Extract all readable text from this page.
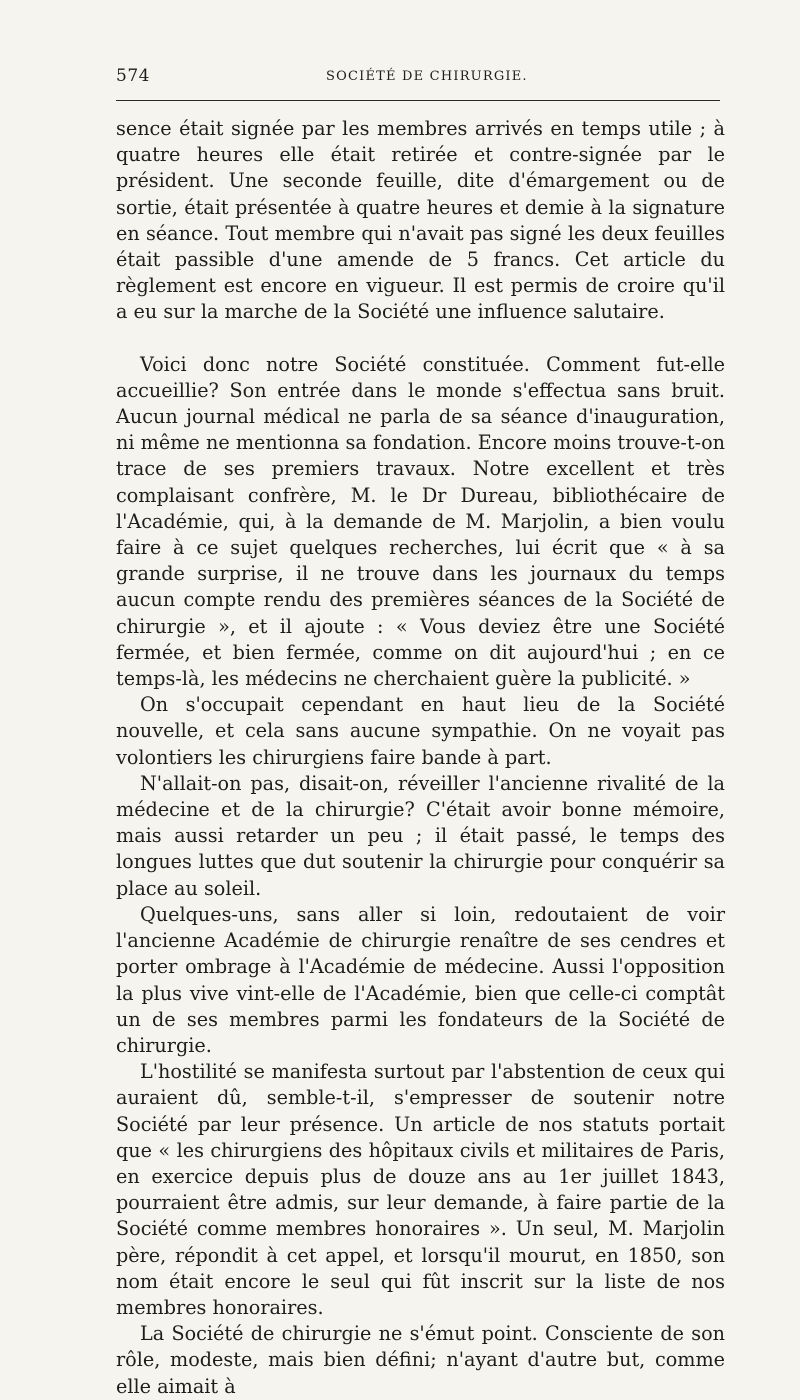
574	SOCIÉTÉ DE CHIRURGIE.

sence était signée par les membres arrivés en temps utile ; à quatre heures elle était retirée et contre-signée par le président. Une seconde feuille, dite d'émargement ou de sortie, était présentée à quatre heures et demie à la signature en séance. Tout membre qui n'avait pas signé les deux feuilles était passible d'une amende de 5 francs. Cet article du règlement est encore en vigueur. Il est permis de croire qu'il a eu sur la marche de la Société une influence salutaire.

Voici donc notre Société constituée. Comment fut-elle accueillie? Son entrée dans le monde s'effectua sans bruit. Aucun journal médical ne parla de sa séance d'inauguration, ni même ne mentionna sa fondation. Encore moins trouve-t-on trace de ses premiers travaux. Notre excellent et très complaisant confrère, M. le Dr Dureau, bibliothécaire de l'Académie, qui, à la demande de M. Marjolin, a bien voulu faire à ce sujet quelques recherches, lui écrit que « à sa grande surprise, il ne trouve dans les journaux du temps aucun compte rendu des premières séances de la Société de chirurgie », et il ajoute : « Vous deviez être une Société fermée, et bien fermée, comme on dit aujourd'hui ; en ce temps-là, les médecins ne cherchaient guère la publicité. »

On s'occupait cependant en haut lieu de la Société nouvelle, et cela sans aucune sympathie. On ne voyait pas volontiers les chirurgiens faire bande à part.

N'allait-on pas, disait-on, réveiller l'ancienne rivalité de la médecine et de la chirurgie? C'était avoir bonne mémoire, mais aussi retarder un peu ; il était passé, le temps des longues luttes que dut soutenir la chirurgie pour conquérir sa place au soleil.

Quelques-uns, sans aller si loin, redoutaient de voir l'ancienne Académie de chirurgie renaître de ses cendres et porter ombrage à l'Académie de médecine. Aussi l'opposition la plus vive vint-elle de l'Académie, bien que celle-ci comptât un de ses membres parmi les fondateurs de la Société de chirurgie.

L'hostilité se manifesta surtout par l'abstention de ceux qui auraient dû, semble-t-il, s'empresser de soutenir notre Société par leur présence. Un article de nos statuts portait que « les chirurgiens des hôpitaux civils et militaires de Paris, en exercice depuis plus de douze ans au 1er juillet 1843, pourraient être admis, sur leur demande, à faire partie de la Société comme membres honoraires ». Un seul, M. Marjolin père, répondit à cet appel, et lorsqu'il mourut, en 1850, son nom était encore le seul qui fût inscrit sur la liste de nos membres honoraires.

La Société de chirurgie ne s'émut point. Consciente de son rôle, modeste, mais bien défini; n'ayant d'autre but, comme elle aimait à
